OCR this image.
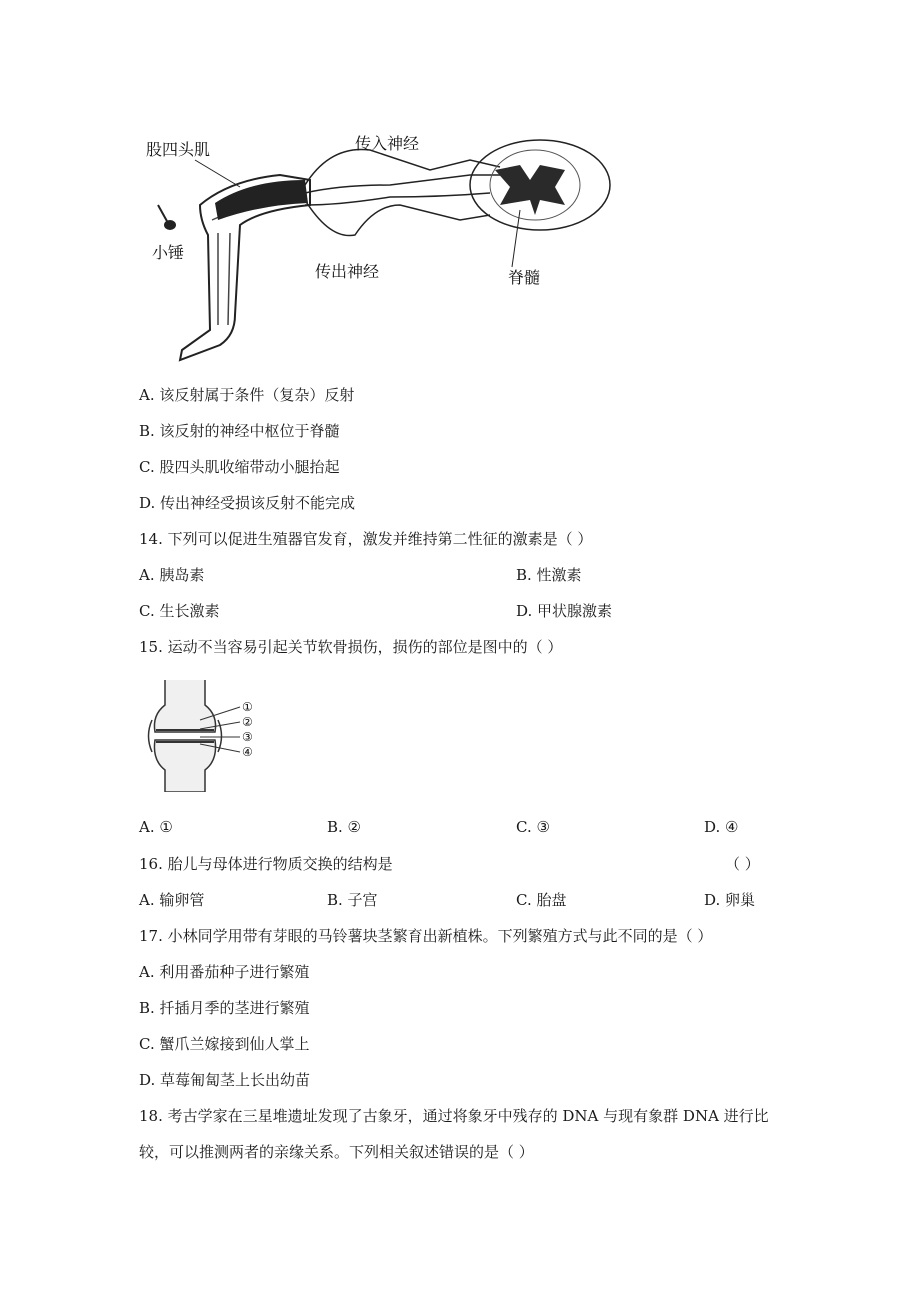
股四头肌	传入神经
小锤
传出神经	脊髓
A. 该反射属于条件（复杂）反射
B. 该反射的神经中枢位于脊髓
C. 股四头肌收缩带动小腿抬起
D. 传出神经受损该反射不能完成
14. 下列可以促进生殖器官发育，激发并维持第二性征的激素是（ ）
A. 胰岛素	B. 性激素
C. 生长激素	D. 甲状腺激素
15. 运动不当容易引起关节软骨损伤，损伤的部位是图中的（ ）
①
②
③
④
A. ①	B. ②	C. ③	D. ④
16. 胎儿与母体进行物质交换的结构是	（ ）
A. 输卵管	B. 子宫	C. 胎盘	D. 卵巢
17. 小林同学用带有芽眼的马铃薯块茎繁育出新植株。下列繁殖方式与此不同的是（ ）
A. 利用番茄种子进行繁殖
B. 扦插月季的茎进行繁殖
C. 蟹爪兰嫁接到仙人掌上
D. 草莓匍匐茎上长出幼苗
18. 考古学家在三星堆遗址发现了古象牙，通过将象牙中残存的 DNA 与现有象群 DNA 进行比
较，可以推测两者的亲缘关系。下列相关叙述错误的是（ ）
